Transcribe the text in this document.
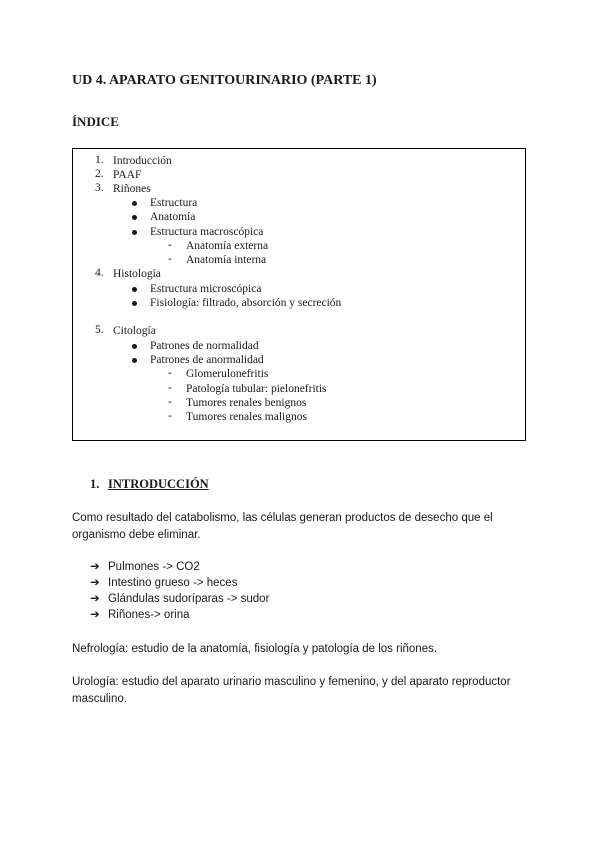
UD 4. APARATO GENITOURINARIO (PARTE 1)
ÍNDICE
1. Introducción
2. PAAF
3. Riñones
Estructura
Anatomía
Estructura macroscópica
- Anatomía externa
- Anatomía interna
4. Histología
Estructura microscópica
Fisiología: filtrado, absorción y secreción
5. Citología
Patrones de normalidad
Patrones de anormalidad
- Glomerulonefritis
- Patología tubular: pielonefritis
- Tumores renales benignos
- Tumores renales malignos
1. INTRODUCCIÓN

Como resultado del catabolismo, las células generan productos de desecho que el organismo debe eliminar.

➔ Pulmones -> CO2
➔ Intestino grueso -> heces
➔ Glándulas sudoríparas -> sudor
➔ Riñones-> orina

Nefrología: estudio de la anatomía, fisiología y patología de los riñones.

Urología: estudio del aparato urinario masculino y femenino, y del aparato reproductor masculino.
